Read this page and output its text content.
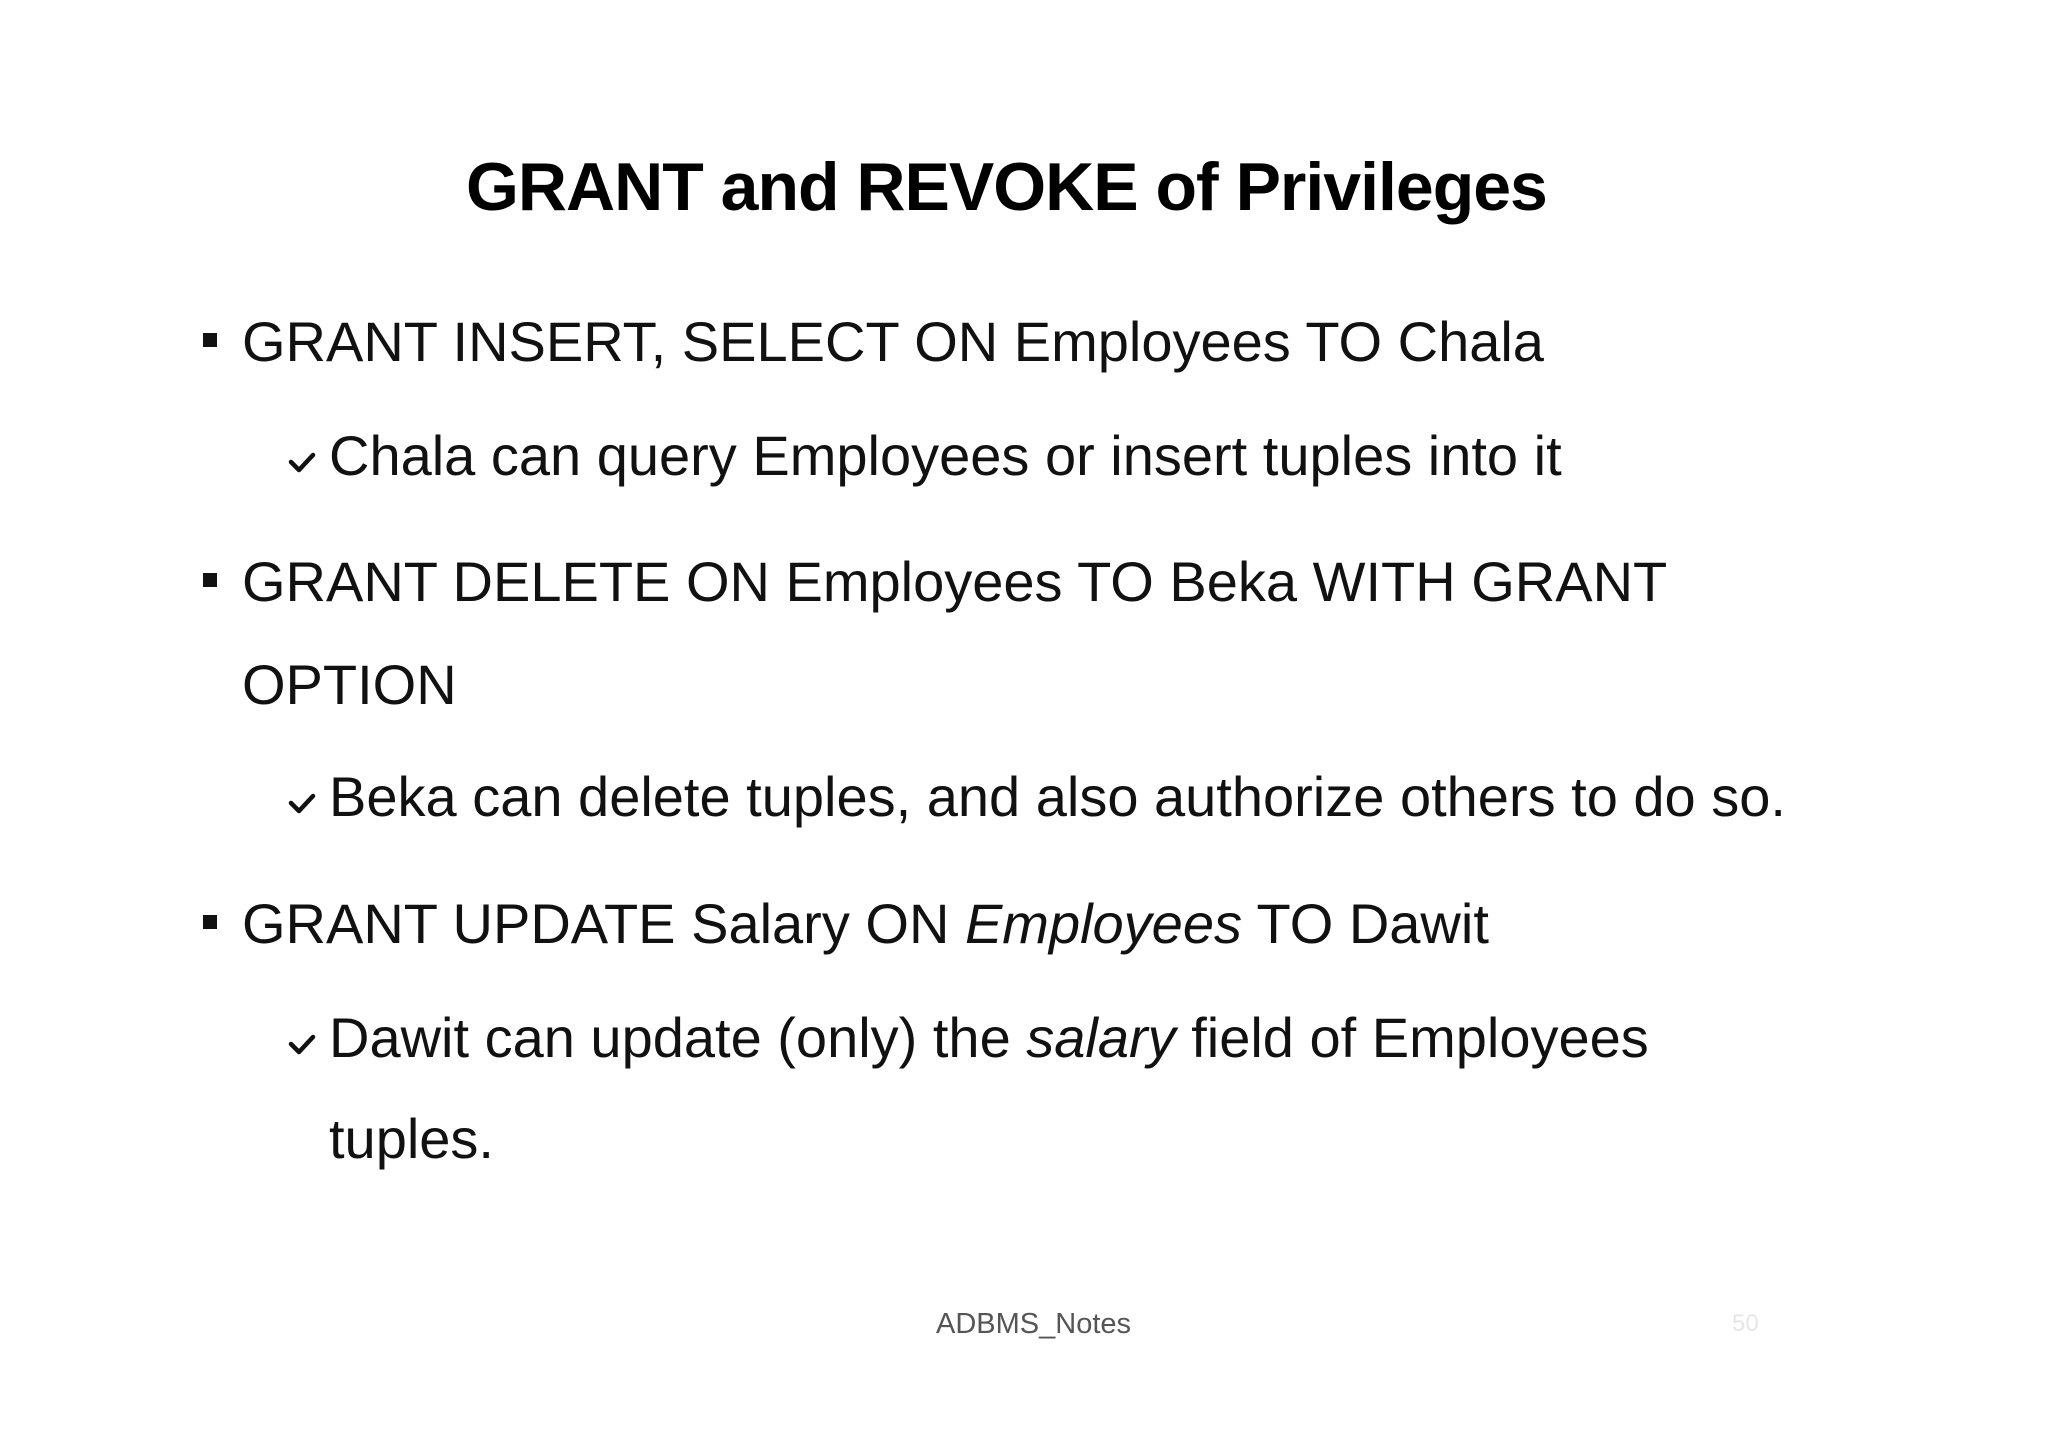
GRANT and REVOKE of Privileges
GRANT INSERT, SELECT ON Employees TO Chala
Chala can query Employees or insert tuples into it
GRANT DELETE ON Employees TO Beka WITH GRANT
OPTION
Beka can delete tuples, and also authorize others to do so.
GRANT UPDATE Salary ON Employees TO Dawit
Dawit can update (only) the salary field of Employees
tuples.
ADBMS_Notes	50
